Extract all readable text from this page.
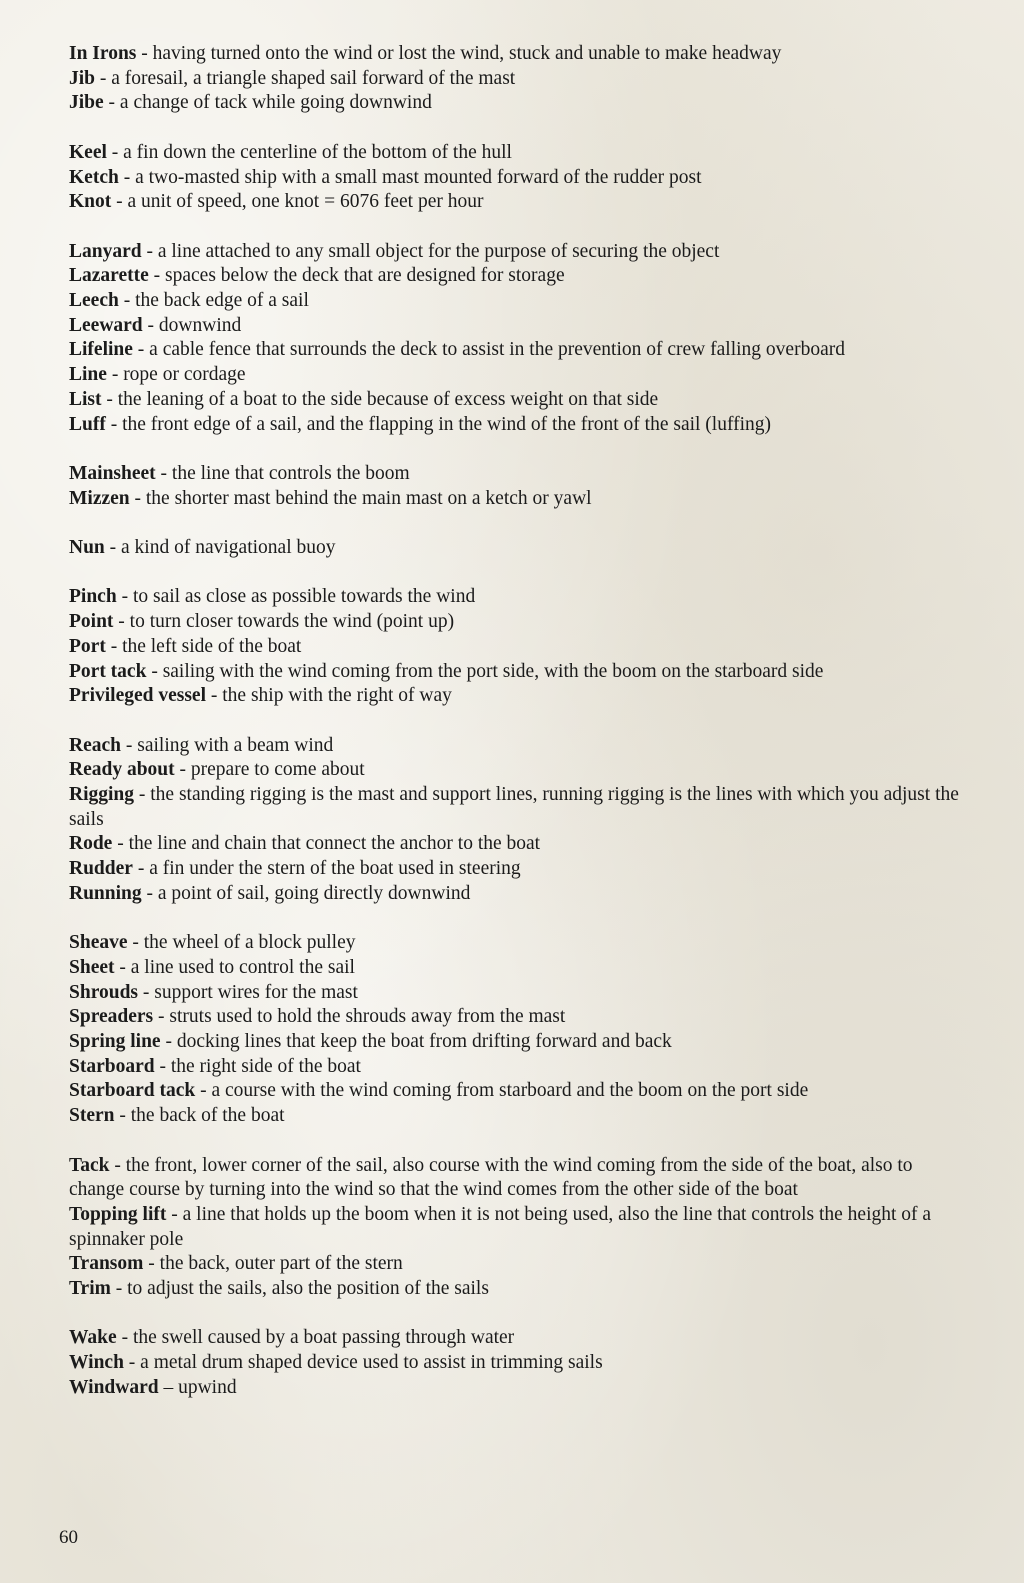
In Irons - having turned onto the wind or lost the wind, stuck and unable to make headway

Jib - a foresail, a triangle shaped sail forward of the mast

Jibe - a change of tack while going downwind

Keel - a fin down the centerline of the bottom of the hull

Ketch - a two-masted ship with a small mast mounted forward of the rudder post

Knot - a unit of speed, one knot = 6076 feet per hour

Lanyard - a line attached to any small object for the purpose of securing the object

Lazarette - spaces below the deck that are designed for storage

Leech - the back edge of a sail

Leeward - downwind

Lifeline - a cable fence that surrounds the deck to assist in the prevention of crew falling overboard

Line - rope or cordage

List - the leaning of a boat to the side because of excess weight on that side

Luff - the front edge of a sail, and the flapping in the wind of the front of the sail (luffing)

Mainsheet - the line that controls the boom

Mizzen - the shorter mast behind the main mast on a ketch or yawl

Nun - a kind of navigational buoy

Pinch - to sail as close as possible towards the wind

Point - to turn closer towards the wind (point up)

Port - the left side of the boat

Port tack - sailing with the wind coming from the port side, with the boom on the starboard side

Privileged vessel - the ship with the right of way

Reach - sailing with a beam wind

Ready about - prepare to come about

Rigging - the standing rigging is the mast and support lines, running rigging is the lines with which you adjust the sails

Rode - the line and chain that connect the anchor to the boat

Rudder - a fin under the stern of the boat used in steering

Running - a point of sail, going directly downwind

Sheave - the wheel of a block pulley

Sheet - a line used to control the sail

Shrouds - support wires for the mast

Spreaders - struts used to hold the shrouds away from the mast

Spring line - docking lines that keep the boat from drifting forward and back

Starboard - the right side of the boat

Starboard tack - a course with the wind coming from starboard and the boom on the port side

Stern - the back of the boat

Tack - the front, lower corner of the sail, also course with the wind coming from the side of the boat, also to change course by turning into the wind so that the wind comes from the other side of the boat

Topping lift - a line that holds up the boom when it is not being used, also the line that controls the height of a spinnaker pole

Transom - the back, outer part of the stern

Trim - to adjust the sails, also the position of the sails

Wake - the swell caused by a boat passing through water

Winch - a metal drum shaped device used to assist in trimming sails

Windward – upwind

60
